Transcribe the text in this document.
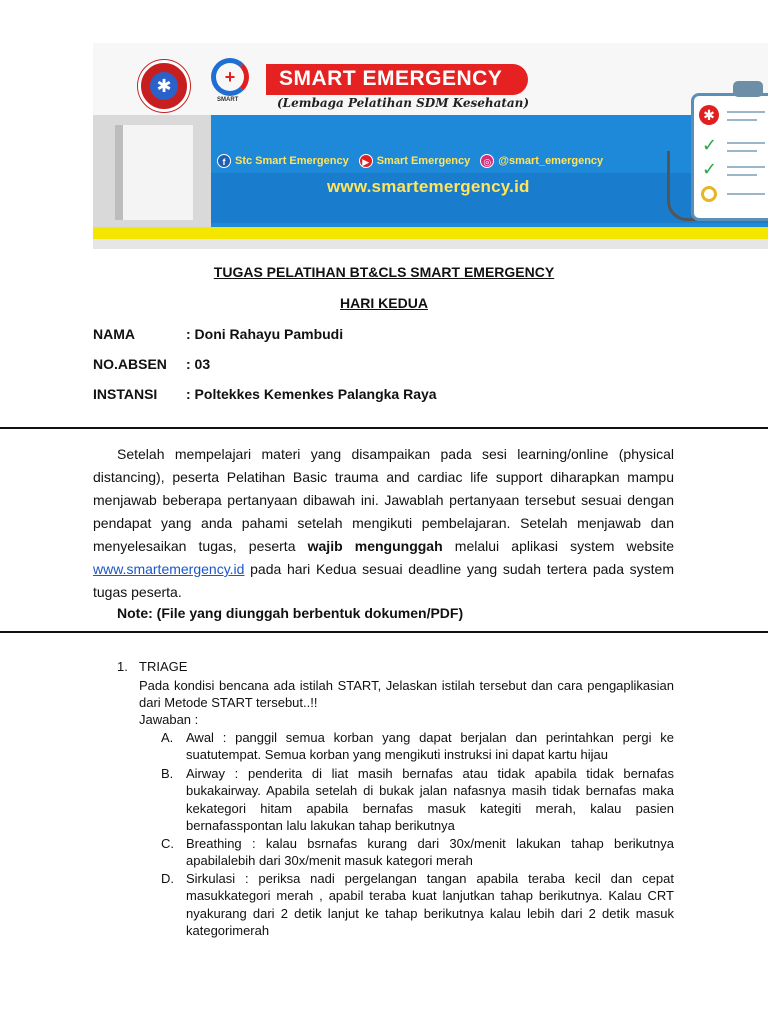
✱	+
SMART
SMART EMERGENCY
(Lembaga Pelatihan SDM Kesehatan)
f Stc Smart Emergency	▶ Smart Emergency	◎ @smart_emergency
www.smartemergency.id
✱
✓
✓
TUGAS PELATIHAN BT&CLS SMART EMERGENCY
HARI KEDUA
NAMA	: Doni Rahayu Pambudi
NO.ABSEN : 03
INSTANSI : Poltekkes Kemenkes Palangka Raya

Setelah mempelajari materi yang disampaikan pada sesi learning/online (physical distancing), peserta Pelatihan Basic trauma and cardiac life support diharapkan mampu menjawab beberapa pertanyaan dibawah ini. Jawablah pertanyaan tersebut sesuai dengan pendapat yang anda pahami setelah mengikuti pembelajaran. Setelah menjawab dan menyelesaikan tugas, peserta wajib mengunggah melalui aplikasi system website www.smartemergency.id pada hari Kedua sesuai deadline yang sudah tertera pada system tugas peserta.

Note: (File yang diunggah berbentuk dokumen/PDF)
1. TRIAGE

Pada kondisi bencana ada istilah START, Jelaskan istilah tersebut dan cara pengaplikasian dari Metode START tersebut..!!

Jawaban :
A. Awal : panggil semua korban yang dapat berjalan dan perintahkan pergi ke suatutempat. Semua korban yang mengikuti instruksi ini dapat kartu hijau

B. Airway : penderita di liat masih bernafas atau tidak apabila tidak bernafas bukakairway. Apabila setelah di bukak jalan nafasnya masih tidak bernafas maka kekategori hitam apabila bernafas masuk kategiti merah, kalau pasien bernafasspontan lalu lakukan tahap berikutnya

C. Breathing : kalau bsrnafas kurang dari 30x/menit lakukan tahap berikutnya apabilalebih dari 30x/menit masuk kategori merah

D. Sirkulasi : periksa nadi pergelangan tangan apabila teraba kecil dan cepat masukkategori merah , apabil teraba kuat lanjutkan tahap berikutnya. Kalau CRT nyakurang dari 2 detik lanjut ke tahap berikutnya kalau lebih dari 2 detik masuk kategorimerah
